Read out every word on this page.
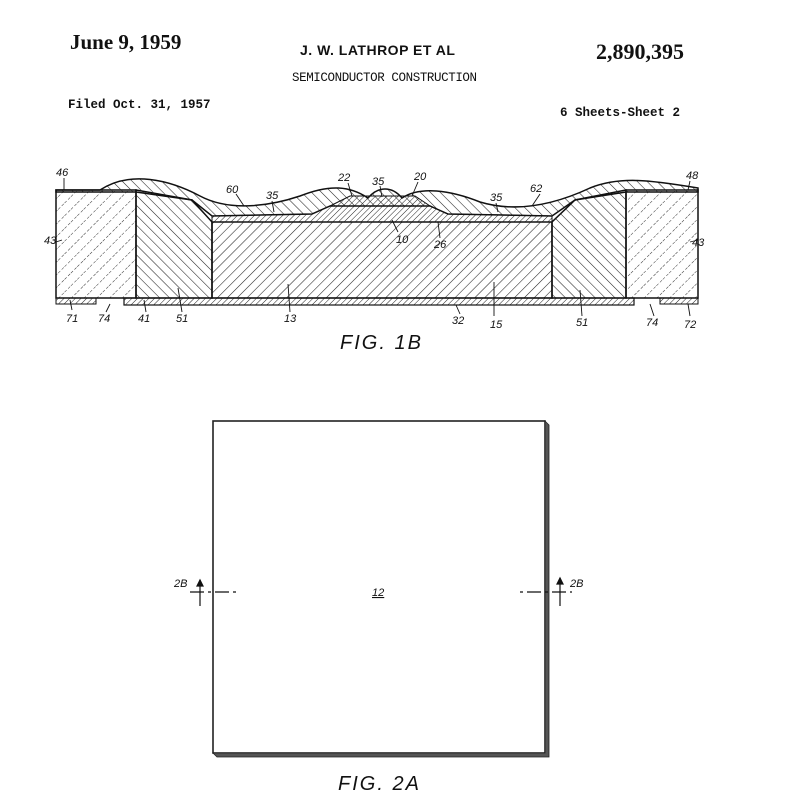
June 9, 1959	J. W. LATHROP ET AL	2,890,395
SEMICONDUCTOR CONSTRUCTION
Filed Oct. 31, 1957
6 Sheets-Sheet 2
46
60	35
22 35	20
35
62
48
43	43
10 26
71 74	41 51	13	32 15	51	74 72
FIG. 1B
2B	2B
12
FIG. 2A
